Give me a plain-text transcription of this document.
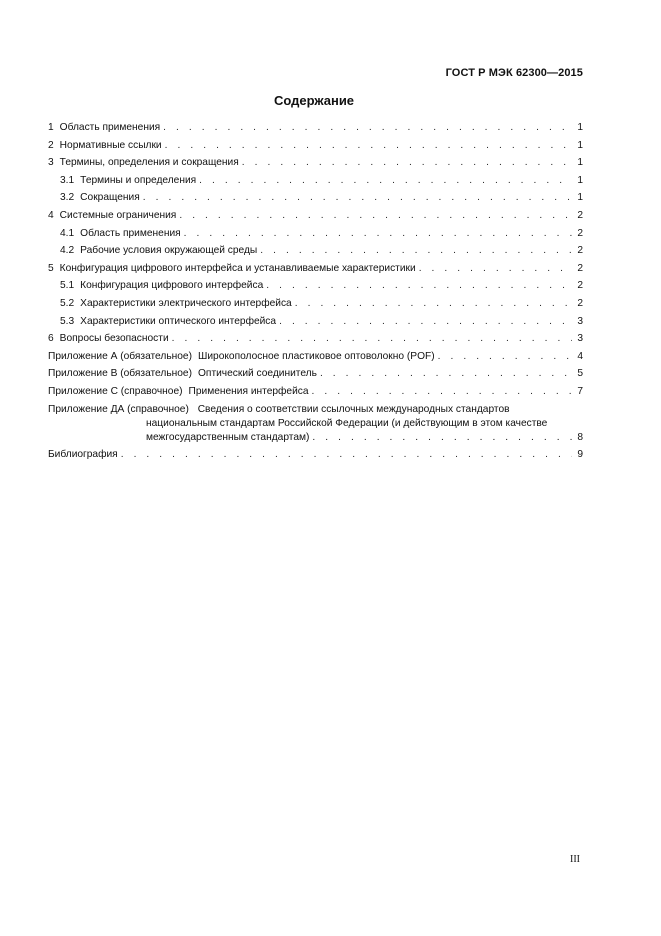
ГОСТ Р МЭК 62300—2015
Содержание
1 Область применения . . .	1
2 Нормативные ссылки . . .	1
3 Термины, определения и сокращения . . .	1
3.1 Термины и определения . . .	1
3.2 Сокращения . . .	1
4 Системные ограничения . . .	2
4.1 Область применения . . .	2
4.2 Рабочие условия окружающей среды . . .	2
5 Конфигурация цифрового интерфейса и устанавливаемые характеристики . . .	2
5.1 Конфигурация цифрового интерфейса . . .	2
5.2 Характеристики электрического интерфейса . . .	2
5.3 Характеристики оптического интерфейса . . .	3
6 Вопросы безопасности . . .	3
Приложение А (обязательное) Широкополосное пластиковое оптоволокно (POF) . . .	4
Приложение В (обязательное) Оптический соединитель . . .	5
Приложение С (справочное) Применения интерфейса . . .	7
Приложение ДА (справочное) Сведения о соответствии ссылочных международных стандартов
национальным стандартам Российской Федерации (и действующим в этом качестве
межгосударственным стандартам) . . .	8
Библиография . . .	9
III
